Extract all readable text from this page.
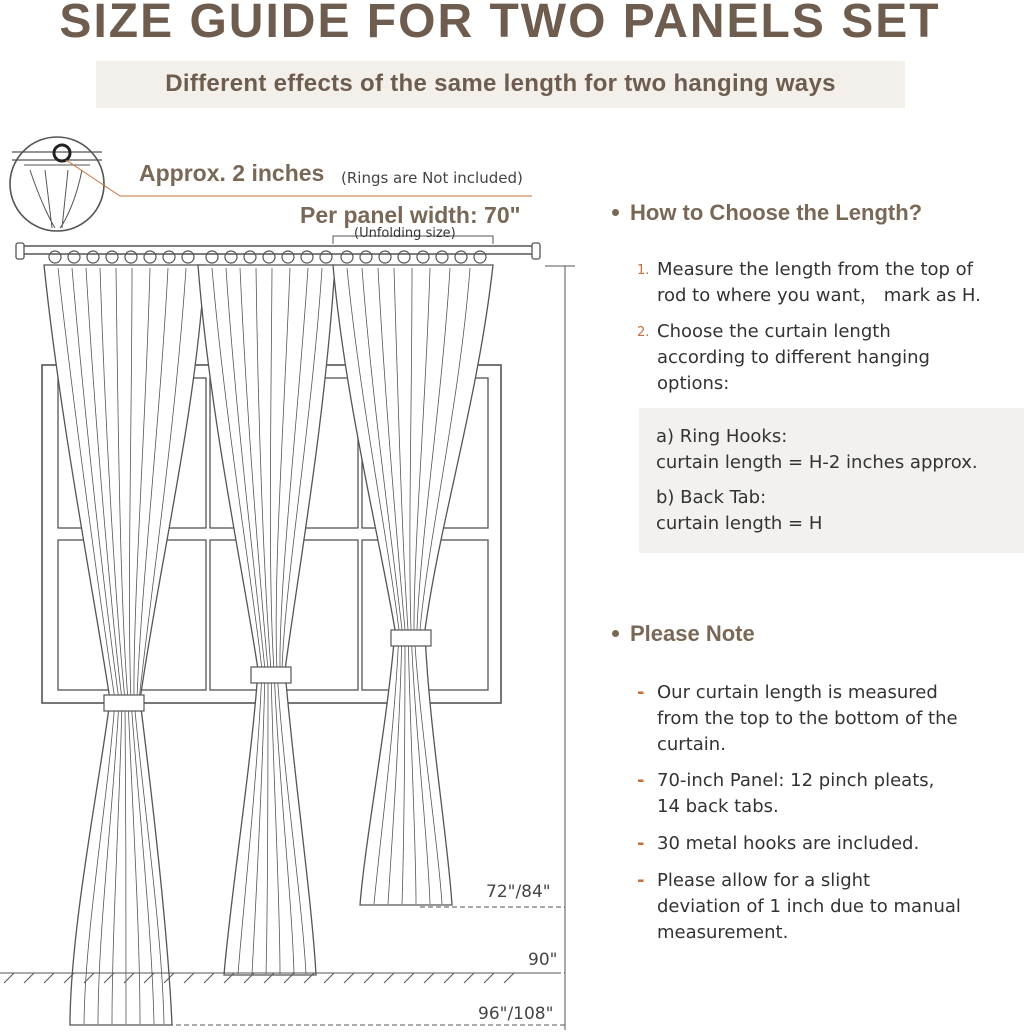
SIZE GUIDE FOR TWO PANELS SET
Different effects of the same length for two hanging ways
Approx. 2 inches (Rings are Not included)
Per panel width: 70"
(Unfolding size)
72"/84"
90"
96"/108"
How to Choose the Length?
1. Measure the length from the top of
rod to where you want， mark as H.
2. Choose the curtain length
according to different hanging
options:
a) Ring Hooks:
curtain length = H-2 inches approx.
b) Back Tab:
curtain length = H
Please Note
- Our curtain length is measured
from the top to the bottom of the
curtain.
- 70-inch Panel: 12 pinch pleats,
14 back tabs.
- 30 metal hooks are included.
- Please allow for a slight
deviation of 1 inch due to manual
measurement.
